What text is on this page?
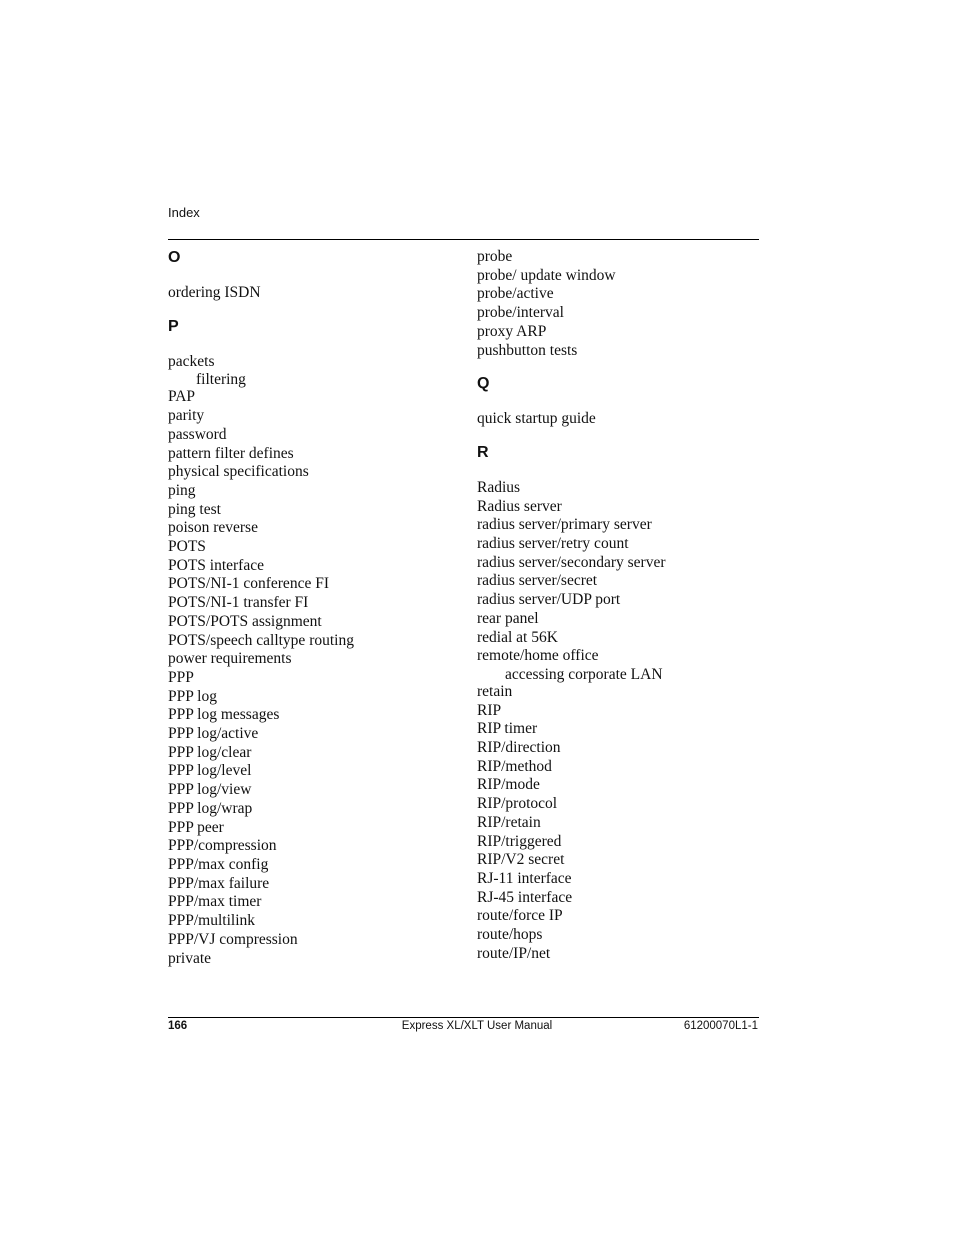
Index
O
ordering ISDN
P
packets
filtering
PAP
parity
password
pattern filter defines
physical specifications
ping
ping test
poison reverse
POTS
POTS interface
POTS/NI-1 conference FI
POTS/NI-1 transfer FI
POTS/POTS assignment
POTS/speech calltype routing
power requirements
PPP
PPP log
PPP log messages
PPP log/active
PPP log/clear
PPP log/level
PPP log/view
PPP log/wrap
PPP peer
PPP/compression
PPP/max config
PPP/max failure
PPP/max timer
PPP/multilink
PPP/VJ compression
private
probe
probe/ update window
probe/active
probe/interval
proxy ARP
pushbutton tests
Q
quick startup guide
R
Radius
Radius server
radius server/primary server
radius server/retry count
radius server/secondary server
radius server/secret
radius server/UDP port
rear panel
redial at 56K
remote/home office
accessing corporate LAN
retain
RIP
RIP timer
RIP/direction
RIP/method
RIP/mode
RIP/protocol
RIP/retain
RIP/triggered
RIP/V2 secret
RJ-11 interface
RJ-45 interface
route/force IP
route/hops
route/IP/net
166	Express XL/XLT User Manual	61200070L1-1
